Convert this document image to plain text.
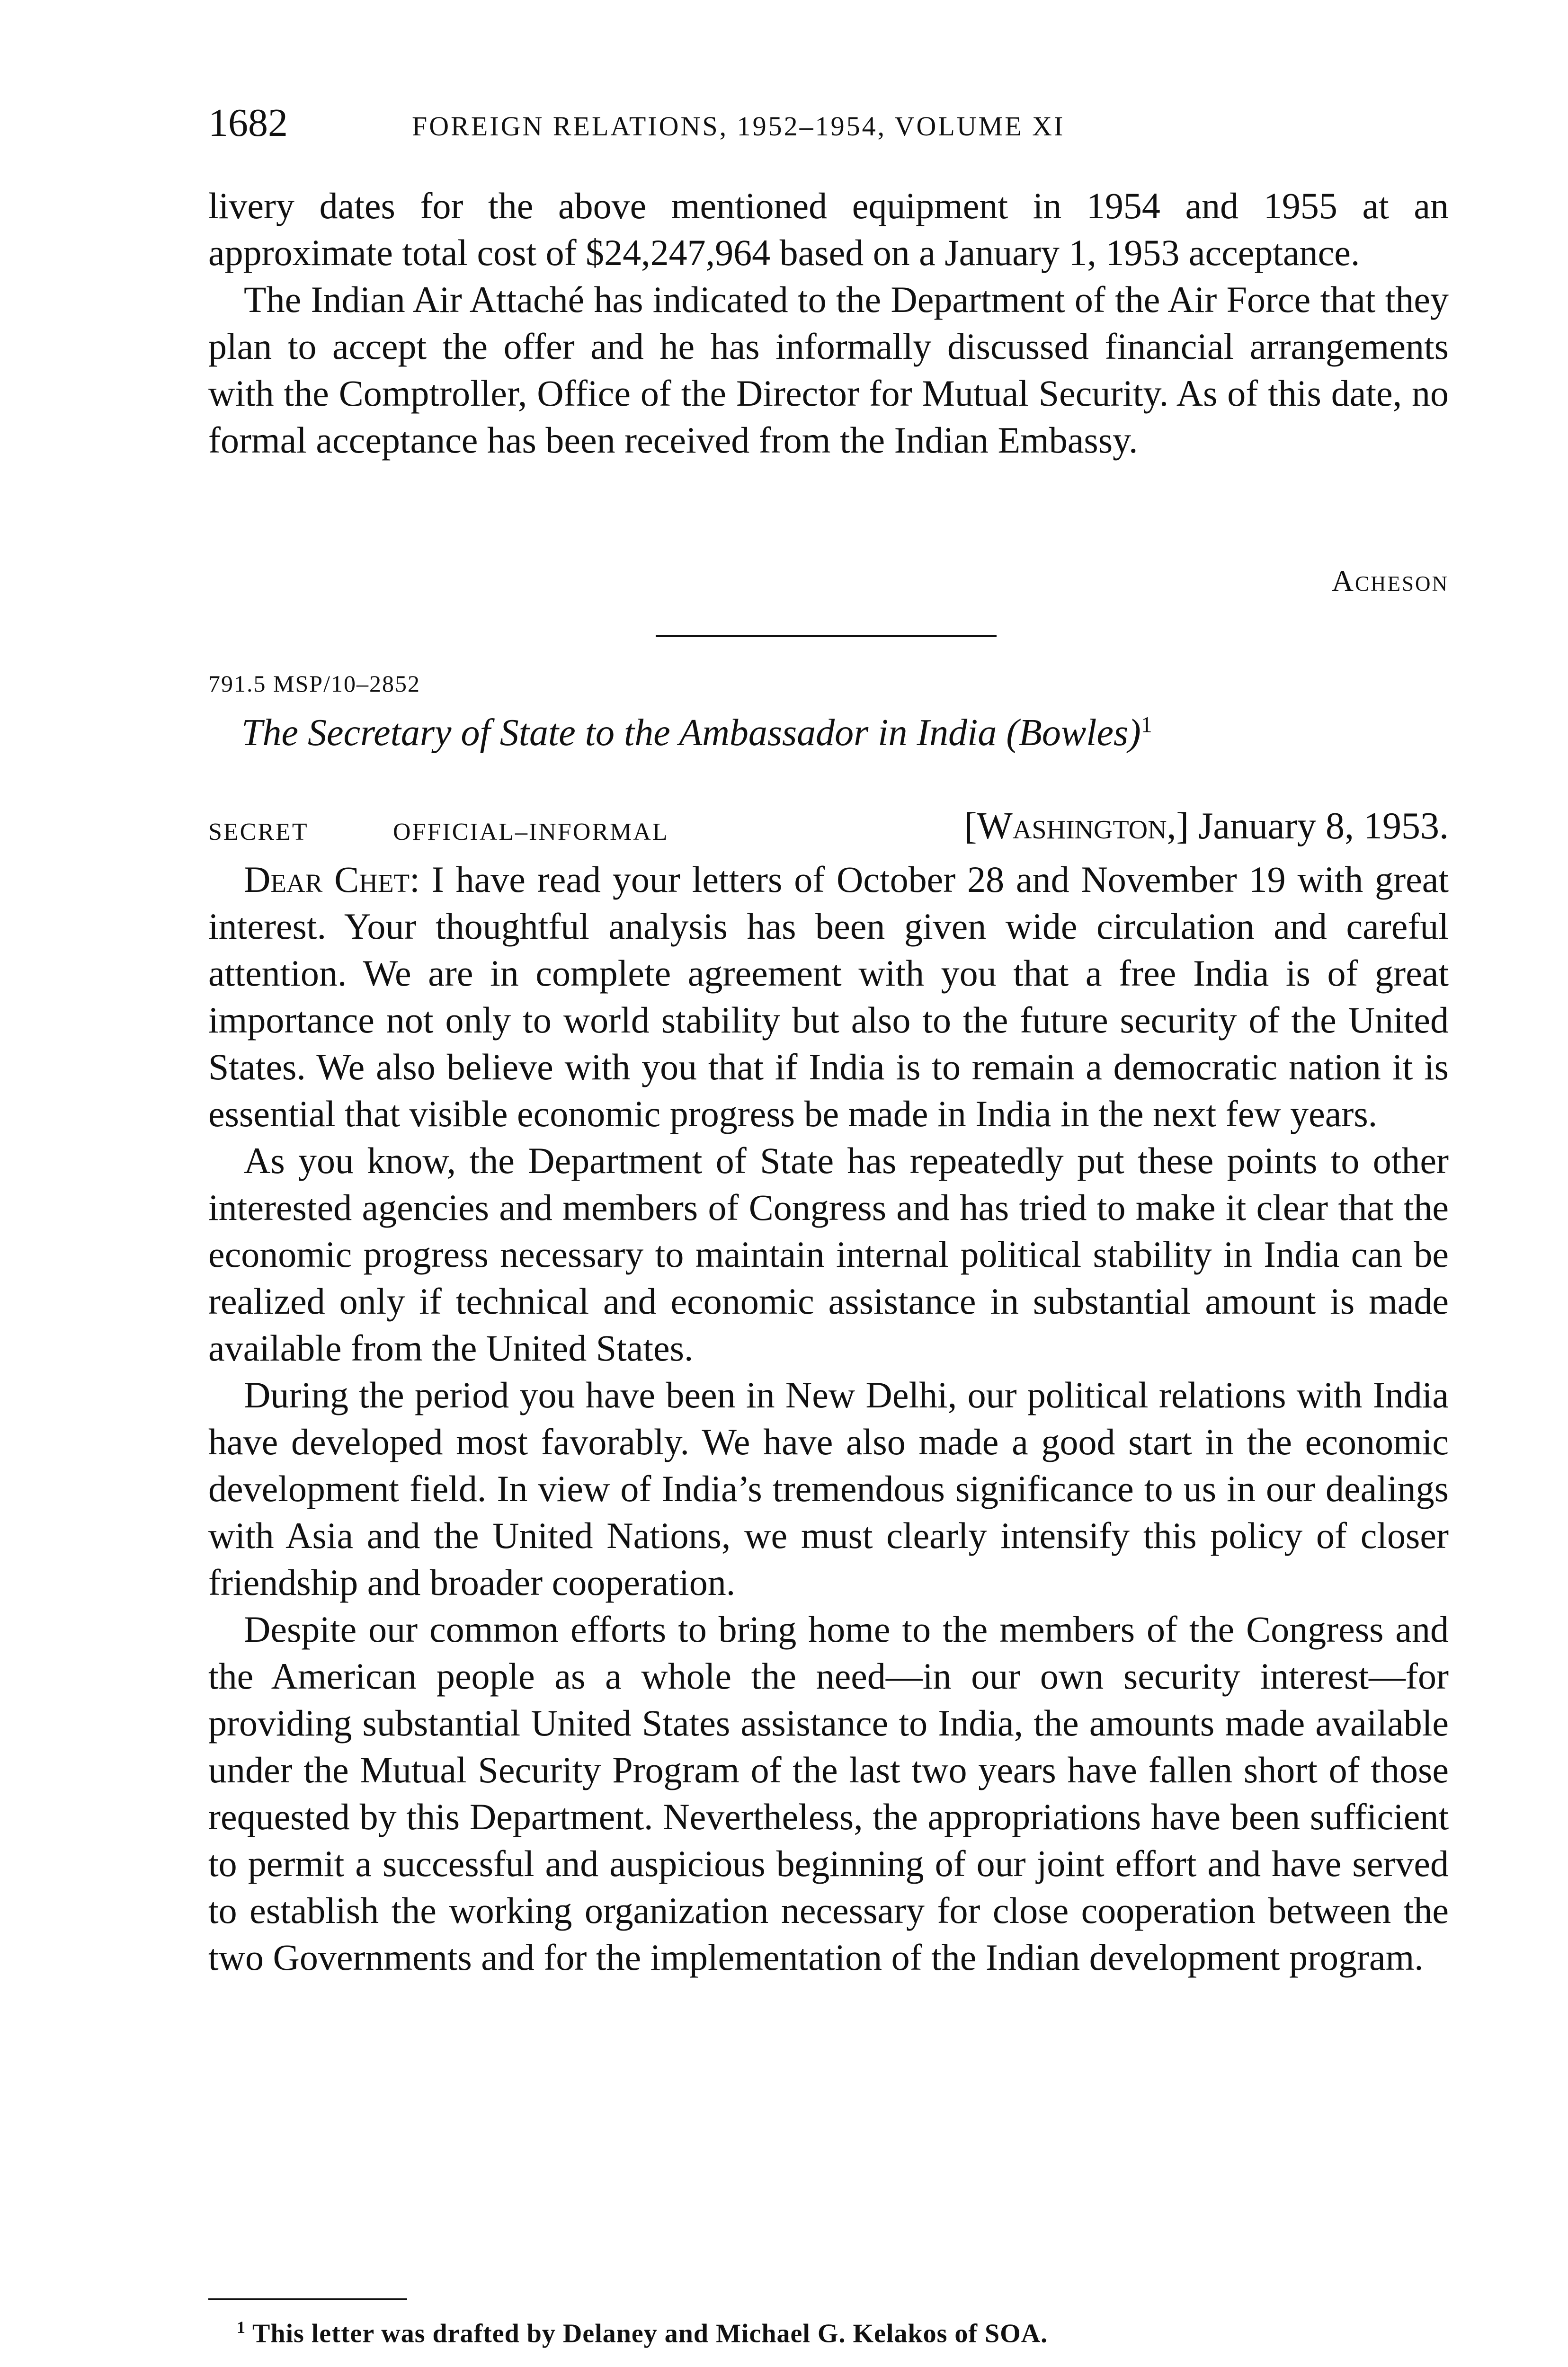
1682	FOREIGN RELATIONS, 1952–1954, VOLUME XI

livery dates for the above mentioned equipment in 1954 and 1955 at an approximate total cost of $24,247,964 based on a January 1, 1953 acceptance.

The Indian Air Attaché has indicated to the Department of the Air Force that they plan to accept the offer and he has informally discussed financial arrangements with the Comptroller, Office of the Director for Mutual Security. As of this date, no formal acceptance has been received from the Indian Embassy.

Acheson
791.5 MSP/10–2852
The Secretary of State to the Ambassador in India (Bowles)$^1$
SECRET	OFFICIAL–INFORMAL	[Washington,] January 8, 1953.

Dear Chet: I have read your letters of October 28 and November 19 with great interest. Your thoughtful analysis has been given wide circulation and careful attention. We are in complete agreement with you that a free India is of great importance not only to world stability but also to the future security of the United States. We also believe with you that if India is to remain a democratic nation it is essential that visible economic progress be made in India in the next few years.

As you know, the Department of State has repeatedly put these points to other interested agencies and members of Congress and has tried to make it clear that the economic progress necessary to maintain internal political stability in India can be realized only if technical and economic assistance in substantial amount is made available from the United States.

During the period you have been in New Delhi, our political relations with India have developed most favorably. We have also made a good start in the economic development field. In view of India’s tremendous significance to us in our dealings with Asia and the United Nations, we must clearly intensify this policy of closer friendship and broader cooperation.

Despite our common efforts to bring home to the members of the Congress and the American people as a whole the need—in our own security interest—for providing substantial United States assistance to India, the amounts made available under the Mutual Security Program of the last two years have fallen short of those requested by this Department. Nevertheless, the appropriations have been sufficient to permit a successful and auspicious beginning of our joint effort and have served to establish the working organization necessary for close cooperation between the two Governments and for the implementation of the Indian development program.

$^1$ This letter was drafted by Delaney and Michael G. Kelakos of SOA.
